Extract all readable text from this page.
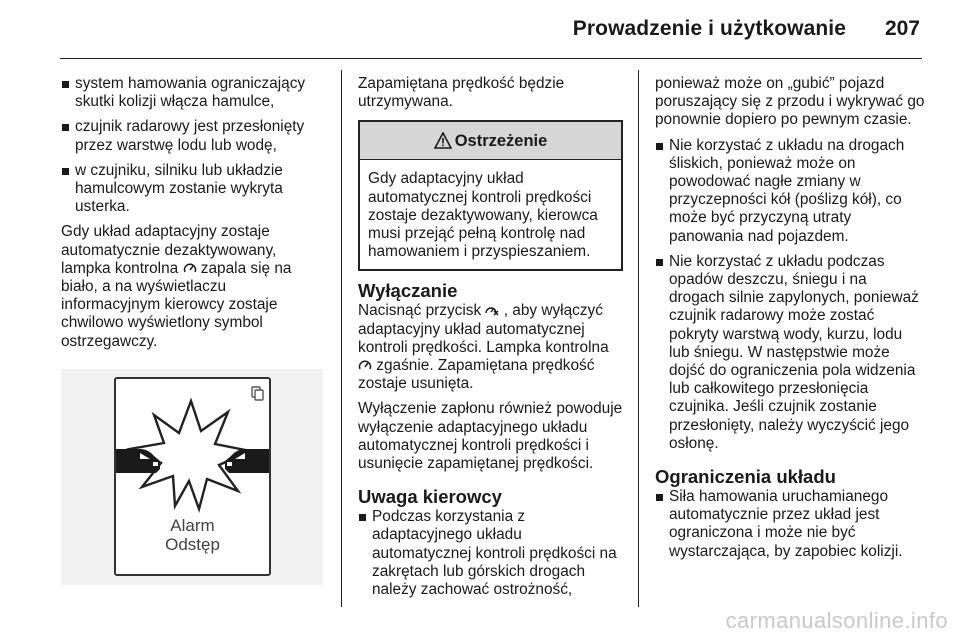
Prowadzenie i użytkowanie 207
system hamowania ograniczający skutki kolizji włącza hamulce,
czujnik radarowy jest przesłonięty przez warstwę lodu lub wodę,
w czujniku, silniku lub układzie hamulcowym zostanie wykryta usterka.
Gdy układ adaptacyjny zostaje automatycznie dezaktywowany, lampka kontrolna zapala się na biało, a na wyświetlaczu informacyjnym kierowcy zostaje chwilowo wyświetlony symbol ostrzegawczy.
Alarm
Odstęp
Zapamiętana prędkość będzie utrzymywana.
Ostrzeżenie
Gdy adaptacyjny układ automatycznej kontroli prędkości zostaje dezaktywowany, kierowca musi przejąć pełną kontrolę nad hamowaniem i przyspieszaniem.
Wyłączanie
Nacisnąć przycisk , aby wyłączyć adaptacyjny układ automatycznej kontroli prędkości. Lampka kontrolna  zgaśnie. Zapamiętana prędkość zostaje usunięta.
Wyłączenie zapłonu również powoduje wyłączenie adaptacyjnego układu automatycznej kontroli prędkości i usunięcie zapamiętanej prędkości.
Uwaga kierowcy
Podczas korzystania z adaptacyjnego układu automatycznej kontroli prędkości na zakrętach lub górskich drogach należy zachować ostrożność,
ponieważ może on „gubić” pojazd poruszający się z przodu i wykrywać go ponownie dopiero po pewnym czasie.
Nie korzystać z układu na drogach śliskich, ponieważ może on powodować nagłe zmiany w przyczepności kół (poślizg kół), co może być przyczyną utraty panowania nad pojazdem.
Nie korzystać z układu podczas opadów deszczu, śniegu i na drogach silnie zapylonych, ponieważ czujnik radarowy może zostać pokryty warstwą wody, kurzu, lodu lub śniegu. W następstwie może dojść do ograniczenia pola widzenia lub całkowitego przesłonięcia czujnika. Jeśli czujnik zostanie przesłonięty, należy wyczyścić jego osłonę.
Ograniczenia układu
Siła hamowania uruchamianego automatycznie przez układ jest ograniczona i może nie być wystarczająca, by zapobiec kolizji.
carmanualsonline.info
